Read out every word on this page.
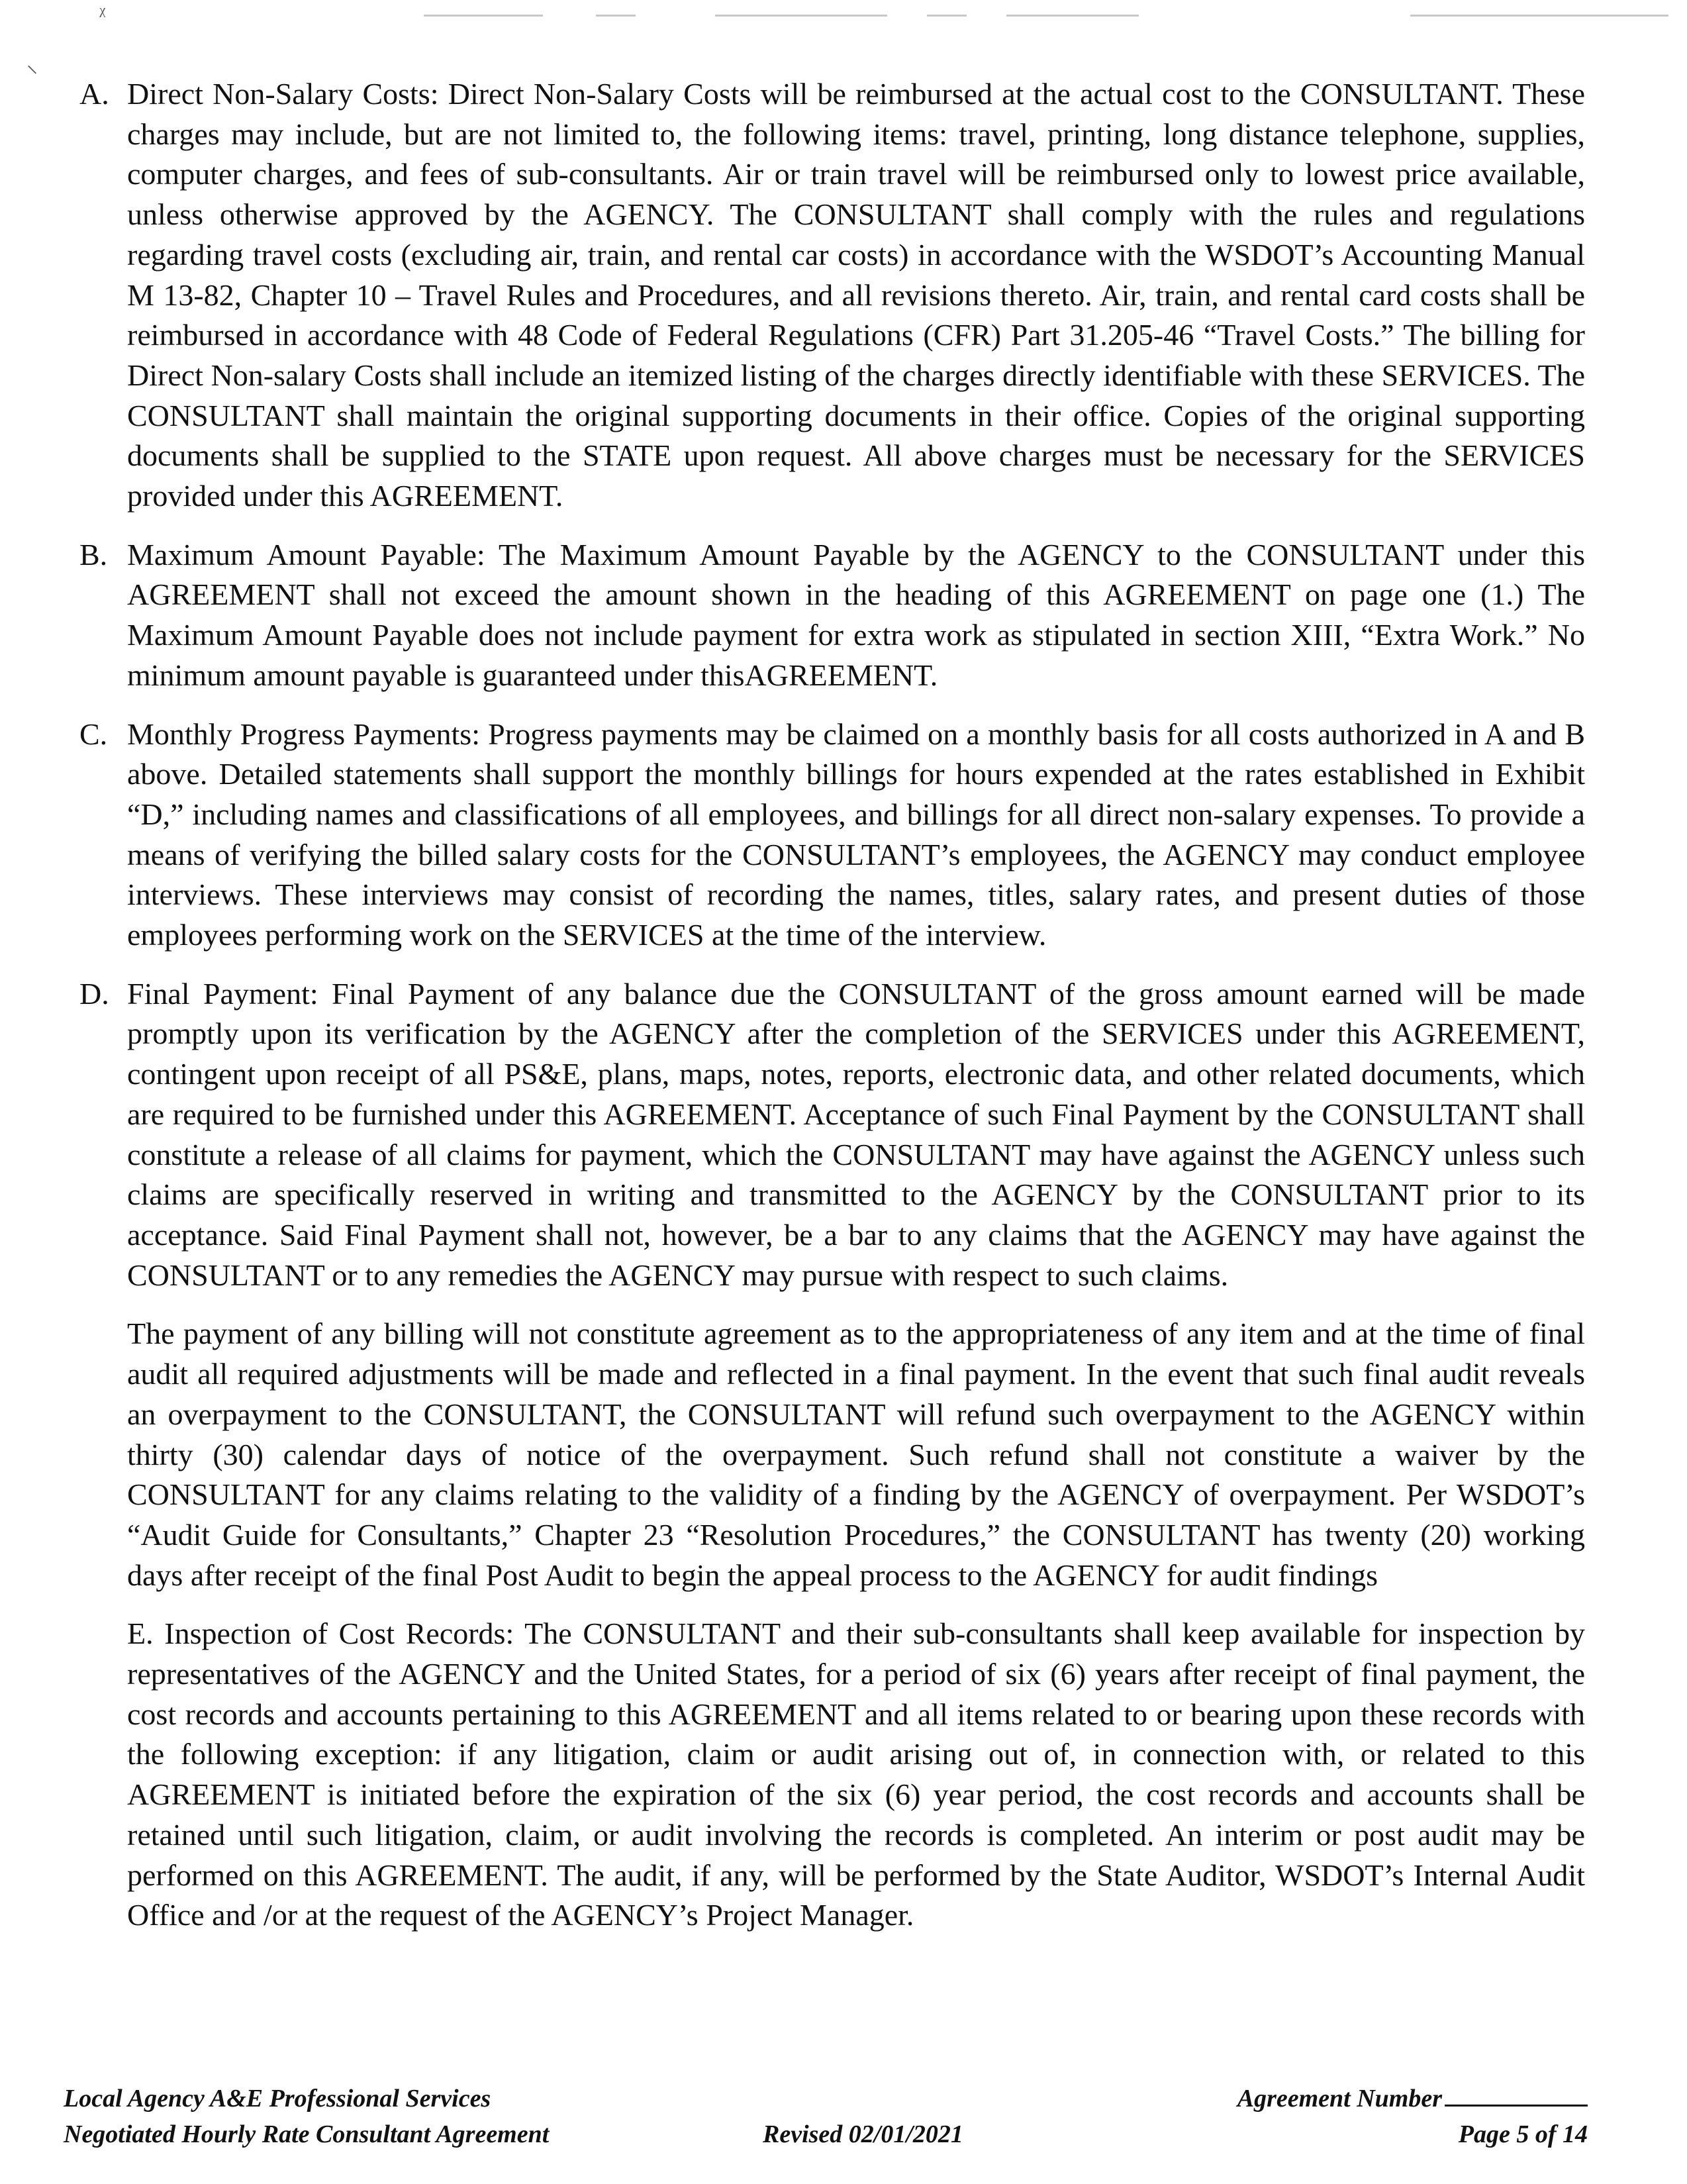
ᵡ
⸌
A. Direct Non-Salary Costs: Direct Non-Salary Costs will be reimbursed at the actual cost to the CONSULTANT. These charges may include, but are not limited to, the following items: travel, printing, long distance telephone, supplies, computer charges, and fees of sub-consultants. Air or train travel will be reimbursed only to lowest price available, unless otherwise approved by the AGENCY. The CONSULTANT shall comply with the rules and regulations regarding travel costs (excluding air, train, and rental car costs) in accordance with the WSDOT’s Accounting Manual M 13-82, Chapter 10 – Travel Rules and Procedures, and all revisions thereto. Air, train, and rental card costs shall be reimbursed in accordance with 48 Code of Federal Regulations (CFR) Part 31.205-46 “Travel Costs.” The billing for Direct Non-salary Costs shall include an itemized listing of the charges directly identifiable with these SERVICES. The CONSULTANT shall maintain the original supporting documents in their office. Copies of the original supporting documents shall be supplied to the STATE upon request. All above charges must be necessary for the SERVICES provided under this AGREEMENT.

B. Maximum Amount Payable: The Maximum Amount Payable by the AGENCY to the CONSULTANT under this AGREEMENT shall not exceed the amount shown in the heading of this AGREEMENT on page one (1.) The Maximum Amount Payable does not include payment for extra work as stipulated in section XIII, “Extra Work.” No minimum amount payable is guaranteed under thisAGREEMENT.

C. Monthly Progress Payments: Progress payments may be claimed on a monthly basis for all costs authorized in A and B above. Detailed statements shall support the monthly billings for hours expended at the rates established in Exhibit “D,” including names and classifications of all employees, and billings for all direct non-salary expenses. To provide a means of verifying the billed salary costs for the CONSULTANT’s employees, the AGENCY may conduct employee interviews. These interviews may consist of recording the names, titles, salary rates, and present duties of those employees performing work on the SERVICES at the time of the interview.

D. Final Payment: Final Payment of any balance due the CONSULTANT of the gross amount earned will be made promptly upon its verification by the AGENCY after the completion of the SERVICES under this AGREEMENT, contingent upon receipt of all PS&E, plans, maps, notes, reports, electronic data, and other related documents, which are required to be furnished under this AGREEMENT. Acceptance of such Final Payment by the CONSULTANT shall constitute a release of all claims for payment, which the CONSULTANT may have against the AGENCY unless such claims are specifically reserved in writing and transmitted to the AGENCY by the CONSULTANT prior to its acceptance. Said Final Payment shall not, however, be a bar to any claims that the AGENCY may have against the CONSULTANT or to any remedies the AGENCY may pursue with respect to such claims.

The payment of any billing will not constitute agreement as to the appropriateness of any item and at the time of final audit all required adjustments will be made and reflected in a final payment. In the event that such final audit reveals an overpayment to the CONSULTANT, the CONSULTANT will refund such overpayment to the AGENCY within thirty (30) calendar days of notice of the overpayment. Such refund shall not constitute a waiver by the CONSULTANT for any claims relating to the validity of a finding by the AGENCY of overpayment. Per WSDOT’s “Audit Guide for Consultants,” Chapter 23 “Resolution Procedures,” the CONSULTANT has twenty (20) working days after receipt of the final Post Audit to begin the appeal process to the AGENCY for audit findings

E. Inspection of Cost Records: The CONSULTANT and their sub-consultants shall keep available for inspection by representatives of the AGENCY and the United States, for a period of six (6) years after receipt of final payment, the cost records and accounts pertaining to this AGREEMENT and all items related to or bearing upon these records with the following exception: if any litigation, claim or audit arising out of, in connection with, or related to this AGREEMENT is initiated before the expiration of the six (6) year period, the cost records and accounts shall be retained until such litigation, claim, or audit involving the records is completed. An interim or post audit may be performed on this AGREEMENT. The audit, if any, will be performed by the State Auditor, WSDOT’s Internal Audit Office and /or at the request of the AGENCY’s Project Manager.

Local Agency A&E Professional Services
Negotiated Hourly Rate Consultant Agreement	Revised 02/01/2021
Agreement Number
Page 5 of 14
